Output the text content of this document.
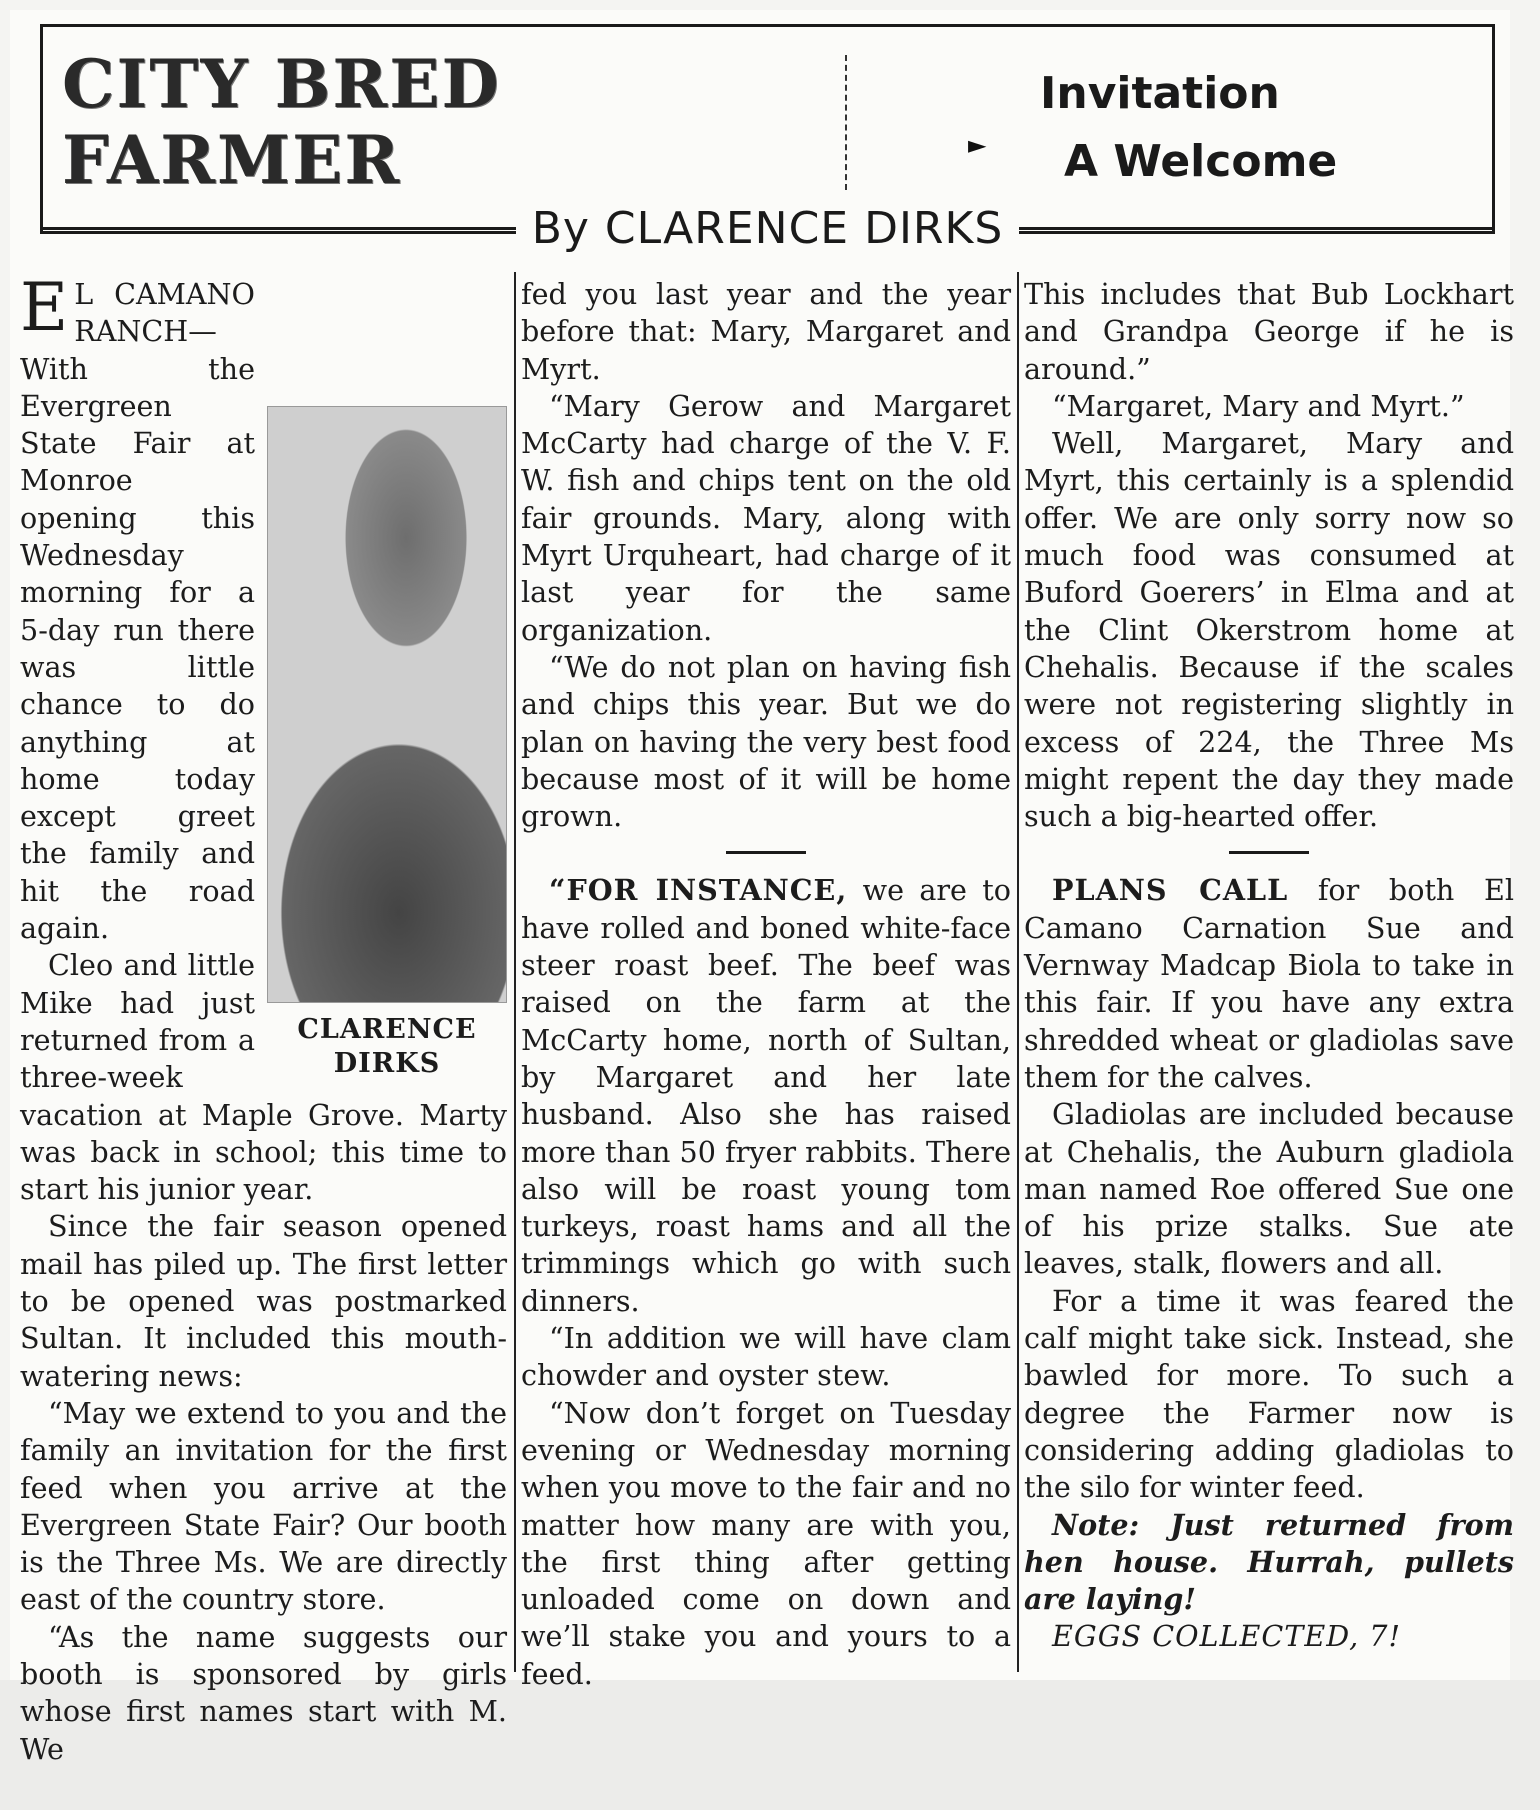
CITY BRED
FARMER	►
Invitation
A Welcome
By CLARENCE DIRKS
CLARENCE
DIRKS

E L CAMANO RANCH—With the Evergreen State Fair at Monroe opening this Wednesday morning for a 5-day run there was little chance to do anything at home today except greet the family and hit the road again.

Cleo and little Mike had just returned from a three-week vacation at Maple Grove. Marty was back in school; this time to start his junior year.

Since the fair season opened mail has piled up. The first letter to be opened was postmarked Sultan. It included this mouth-watering news:

“May we extend to you and the family an invitation for the first feed when you arrive at the Evergreen State Fair? Our booth is the Three Ms. We are directly east of the country store.

“As the name suggests our booth is sponsored by girls whose first names start with M. We

fed you last year and the year before that: Mary, Margaret and Myrt.

“Mary Gerow and Margaret McCarty had charge of the V. F. W. fish and chips tent on the old fair grounds. Mary, along with Myrt Urquheart, had charge of it last year for the same organization.

“We do not plan on having fish and chips this year. But we do plan on having the very best food because most of it will be home grown.

“FOR INSTANCE, we are to have rolled and boned white-face steer roast beef. The beef was raised on the farm at the McCarty home, north of Sultan, by Margaret and her late husband. Also she has raised more than 50 fryer rabbits. There also will be roast young tom turkeys, roast hams and all the trimmings which go with such dinners.

“In addition we will have clam chowder and oyster stew.

“Now don’t forget on Tuesday evening or Wednesday morning when you move to the fair and no matter how many are with you, the first thing after getting unloaded come on down and we’ll stake you and yours to a feed.

This includes that Bub Lockhart and Grandpa George if he is around.”

“Margaret, Mary and Myrt.”

Well, Margaret, Mary and Myrt, this certainly is a splendid offer. We are only sorry now so much food was consumed at Buford Goerers’ in Elma and at the Clint Okerstrom home at Chehalis. Because if the scales were not registering slightly in excess of 224, the Three Ms might repent the day they made such a big-hearted offer.

PLANS CALL for both El Camano Carnation Sue and Vernway Madcap Biola to take in this fair. If you have any extra shredded wheat or gladiolas save them for the calves.

Gladiolas are included because at Chehalis, the Auburn gladiola man named Roe offered Sue one of his prize stalks. Sue ate leaves, stalk, flowers and all.

For a time it was feared the calf might take sick. Instead, she bawled for more. To such a degree the Farmer now is considering adding gladiolas to the silo for winter feed.

Note: Just returned from hen house. Hurrah, pullets are laying!

EGGS COLLECTED, 7!
